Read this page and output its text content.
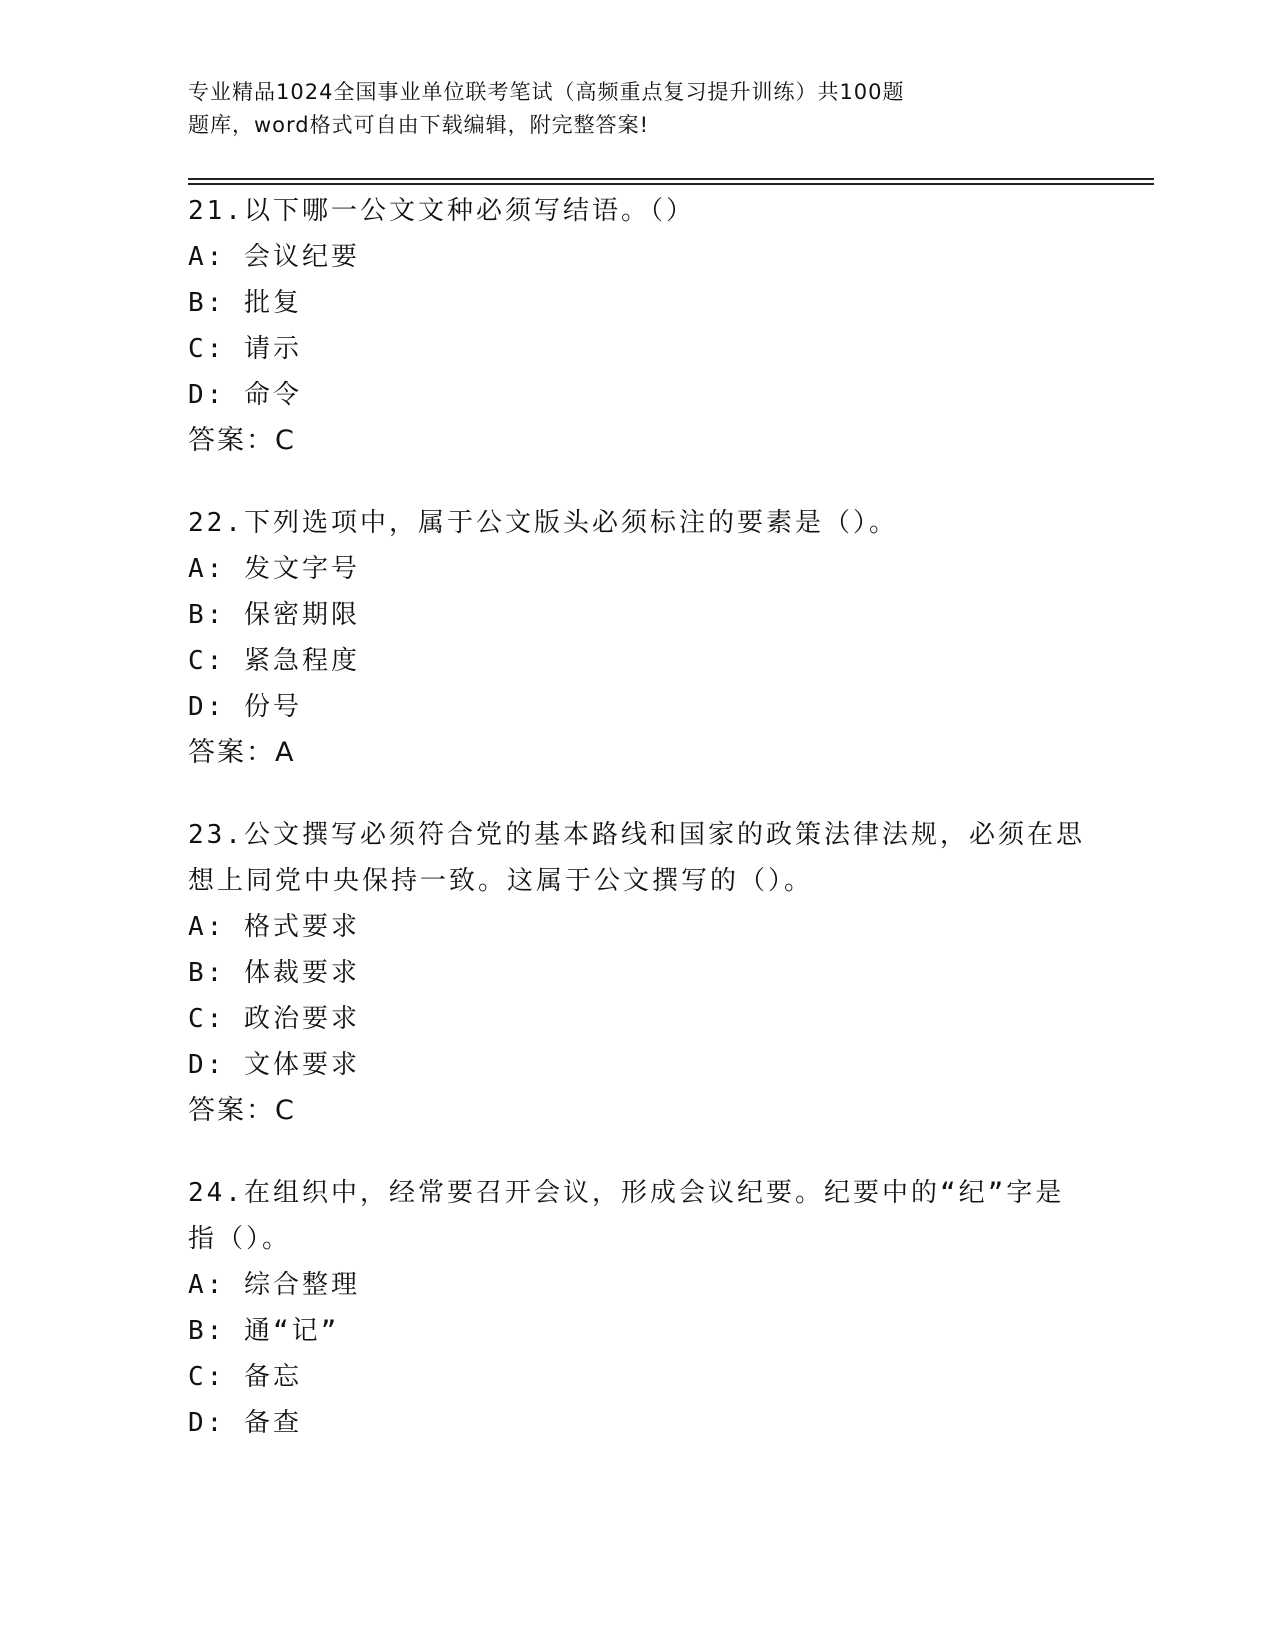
专业精品1024全国事业单位联考笔试（高频重点复习提升训练）共100题
题库，word格式可自由下载编辑，附完整答案!

21.以下哪一公文文种必须写结语。（）

A: 会议纪要

B: 批复

C: 请示

D: 命令

答案：C

22.下列选项中，属于公文版头必须标注的要素是（）。

A: 发文字号

B: 保密期限

C: 紧急程度

D: 份号

答案：A

23.公文撰写必须符合党的基本路线和国家的政策法律法规，必须在思想上同党中央保持一致。这属于公文撰写的（）。

A: 格式要求

B: 体裁要求

C: 政治要求

D: 文体要求

答案：C

24.在组织中，经常要召开会议，形成会议纪要。纪要中的“纪”字是指（）。

A: 综合整理

B: 通“记”

C: 备忘

D: 备查
